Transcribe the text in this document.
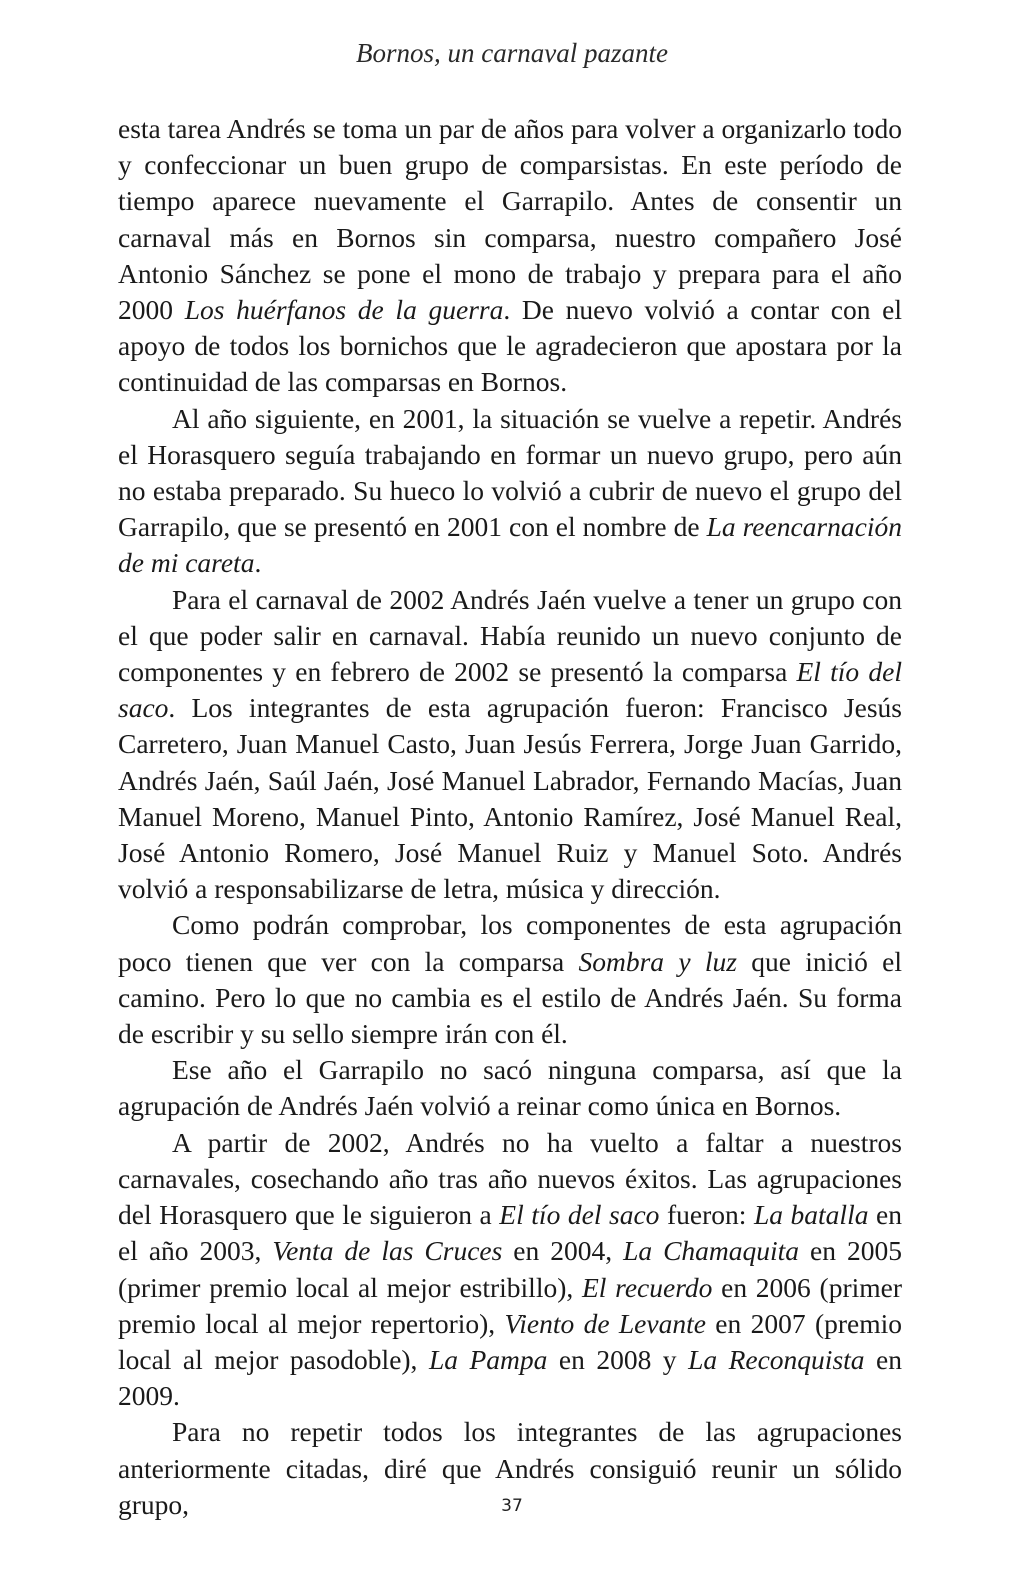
Bornos, un carnaval pazante

esta tarea Andrés se toma un par de años para volver a organizarlo todo y confeccionar un buen grupo de comparsistas. En este período de tiempo aparece nuevamente el Garrapilo. Antes de consentir un carnaval más en Bornos sin comparsa, nuestro compañero José Antonio Sánchez se pone el mono de trabajo y prepara para el año 2000 Los huérfanos de la guerra. De nuevo volvió a contar con el apoyo de todos los bornichos que le agradecieron que apostara por la continuidad de las comparsas en Bornos.

Al año siguiente, en 2001, la situación se vuelve a repetir. Andrés el Horasquero seguía trabajando en formar un nuevo grupo, pero aún no estaba preparado. Su hueco lo volvió a cubrir de nuevo el grupo del Garrapilo, que se presentó en 2001 con el nombre de La reencarnación de mi careta.

Para el carnaval de 2002 Andrés Jaén vuelve a tener un grupo con el que poder salir en carnaval. Había reunido un nuevo conjunto de componentes y en febrero de 2002 se presentó la comparsa El tío del saco. Los integrantes de esta agrupación fueron: Francisco Jesús Carretero, Juan Manuel Casto, Juan Jesús Ferrera, Jorge Juan Garrido, Andrés Jaén, Saúl Jaén, José Manuel Labrador, Fernando Macías, Juan Manuel Moreno, Manuel Pinto, Antonio Ramírez, José Manuel Real, José Antonio Romero, José Manuel Ruiz y Manuel Soto. Andrés volvió a responsabilizarse de letra, música y dirección.

Como podrán comprobar, los componentes de esta agrupación poco tienen que ver con la comparsa Sombra y luz que inició el camino. Pero lo que no cambia es el estilo de Andrés Jaén. Su forma de escribir y su sello siempre irán con él.

Ese año el Garrapilo no sacó ninguna comparsa, así que la agrupación de Andrés Jaén volvió a reinar como única en Bornos.

A partir de 2002, Andrés no ha vuelto a faltar a nuestros carnavales, cosechando año tras año nuevos éxitos. Las agrupaciones del Horasquero que le siguieron a El tío del saco fueron: La batalla en el año 2003, Venta de las Cruces en 2004, La Chamaquita en 2005 (primer premio local al mejor estribillo), El recuerdo en 2006 (primer premio local al mejor repertorio), Viento de Levante en 2007 (premio local al mejor pasodoble), La Pampa en 2008 y La Reconquista en 2009.

Para no repetir todos los integrantes de las agrupaciones anteriormente citadas, diré que Andrés consiguió reunir un sólido grupo,	37
